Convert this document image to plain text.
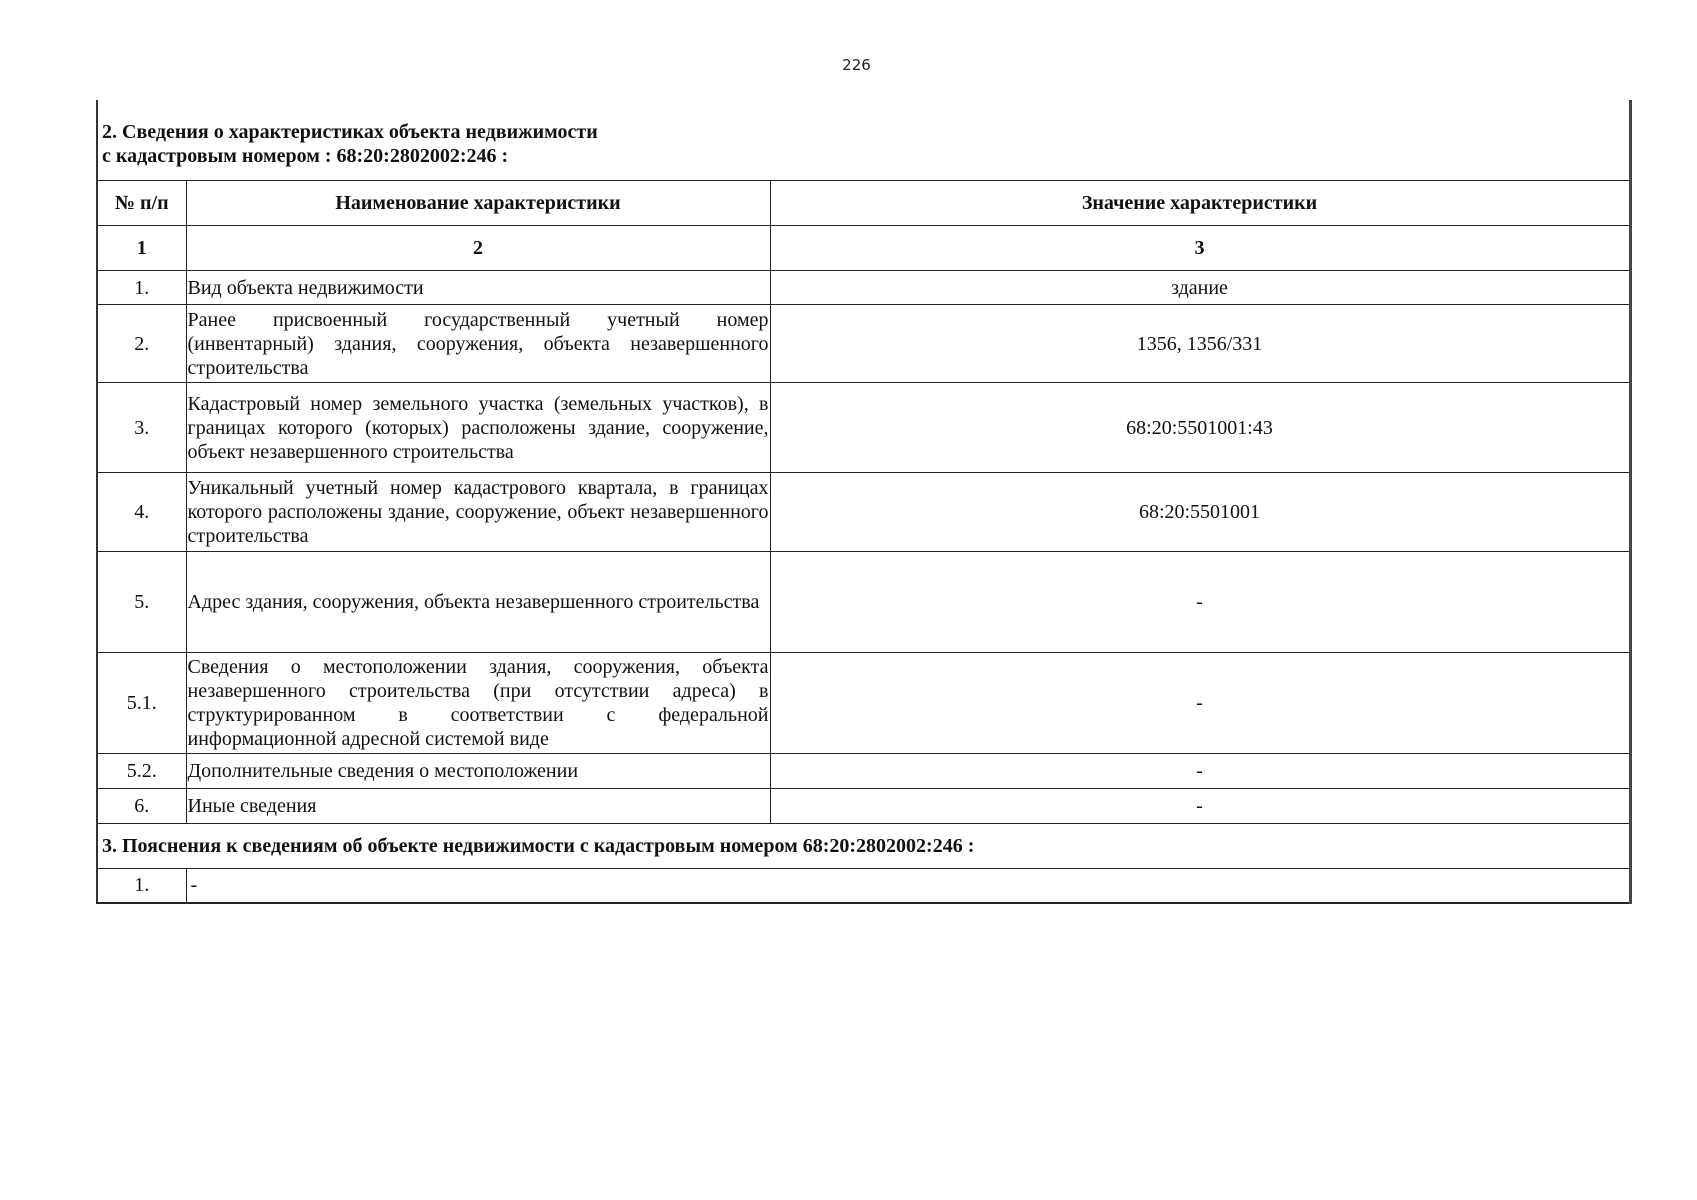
226
2. Сведения о характеристиках объекта недвижимости
с кадастровым номером : 68:20:2802002:246 :		

№ п/п	Наименование характеристики	Значение характеристики
1	2	3
1.	Вид объекта недвижимости	здание
2.	Ранее присвоенный государственный учетный номер (инвентарный) здания, сооружения, объекта незавершенного строительства	1356, 1356/331
3.	Кадастровый номер земельного участка (земельных участков), в границах которого (которых) расположены здание, сооружение, объект незавершенного строительства	68:20:5501001:43
4.	Уникальный учетный номер кадастрового квартала, в границах которого расположены здание, сооружение, объект незавершенного строительства	68:20:5501001
5.	Адрес здания, сооружения, объекта незавершенного строительства	-
5.1.	Сведения о местоположении здания, сооружения, объекта незавершенного строительства (при отсутствии адреса) в структурированном в соответствии с федеральной информационной адресной системой виде	-
5.2.	Дополнительные сведения о местоположении	-
6.	Иные сведения	-
3. Пояснения к сведениям об объекте недвижимости с кадастровым номером 68:20:2802002:246 :		
1.	-	
